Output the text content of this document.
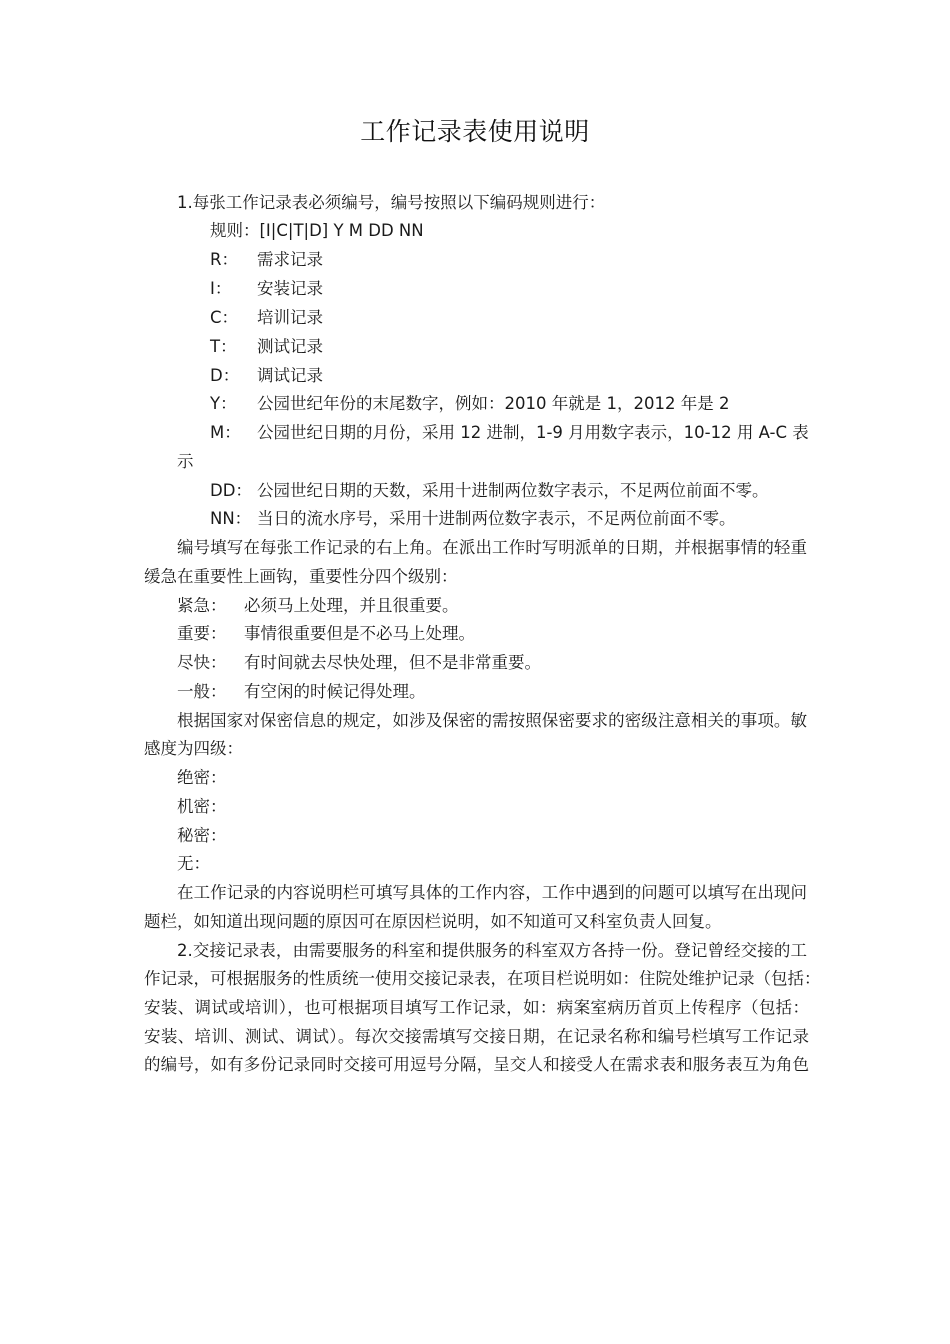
工作记录表使用说明
1.每张工作记录表必须编号，编号按照以下编码规则进行：
规则：[I|C|T|D] Y M DD NN
R： 需求记录
I： 安装记录
C： 培训记录
T： 测试记录
D： 调试记录
Y： 公园世纪年份的末尾数字，例如：2010 年就是 1，2012 年是 2
M： 公园世纪日期的月份，采用 12 进制，1-9 月用数字表示，10-12 用 A-C 表
示
DD： 公园世纪日期的天数，采用十进制两位数字表示，不足两位前面不零。
NN： 当日的流水序号，采用十进制两位数字表示，不足两位前面不零。
编号填写在每张工作记录的右上角。在派出工作时写明派单的日期，并根据事情的轻重
缓急在重要性上画钩，重要性分四个级别：
紧急： 必须马上处理，并且很重要。
重要： 事情很重要但是不必马上处理。
尽快： 有时间就去尽快处理，但不是非常重要。
一般： 有空闲的时候记得处理。
根据国家对保密信息的规定，如涉及保密的需按照保密要求的密级注意相关的事项。敏
感度为四级：
绝密：
机密：
秘密：
无：
在工作记录的内容说明栏可填写具体的工作内容，工作中遇到的问题可以填写在出现问
题栏，如知道出现问题的原因可在原因栏说明，如不知道可又科室负责人回复。
2.交接记录表，由需要服务的科室和提供服务的科室双方各持一份。登记曾经交接的工
作记录，可根据服务的性质统一使用交接记录表，在项目栏说明如：住院处维护记录（包括：
安装、调试或培训），也可根据项目填写工作记录，如：病案室病历首页上传程序（包括：
安装、培训、测试、调试）。每次交接需填写交接日期，在记录名称和编号栏填写工作记录
的编号，如有多份记录同时交接可用逗号分隔，呈交人和接受人在需求表和服务表互为角色
